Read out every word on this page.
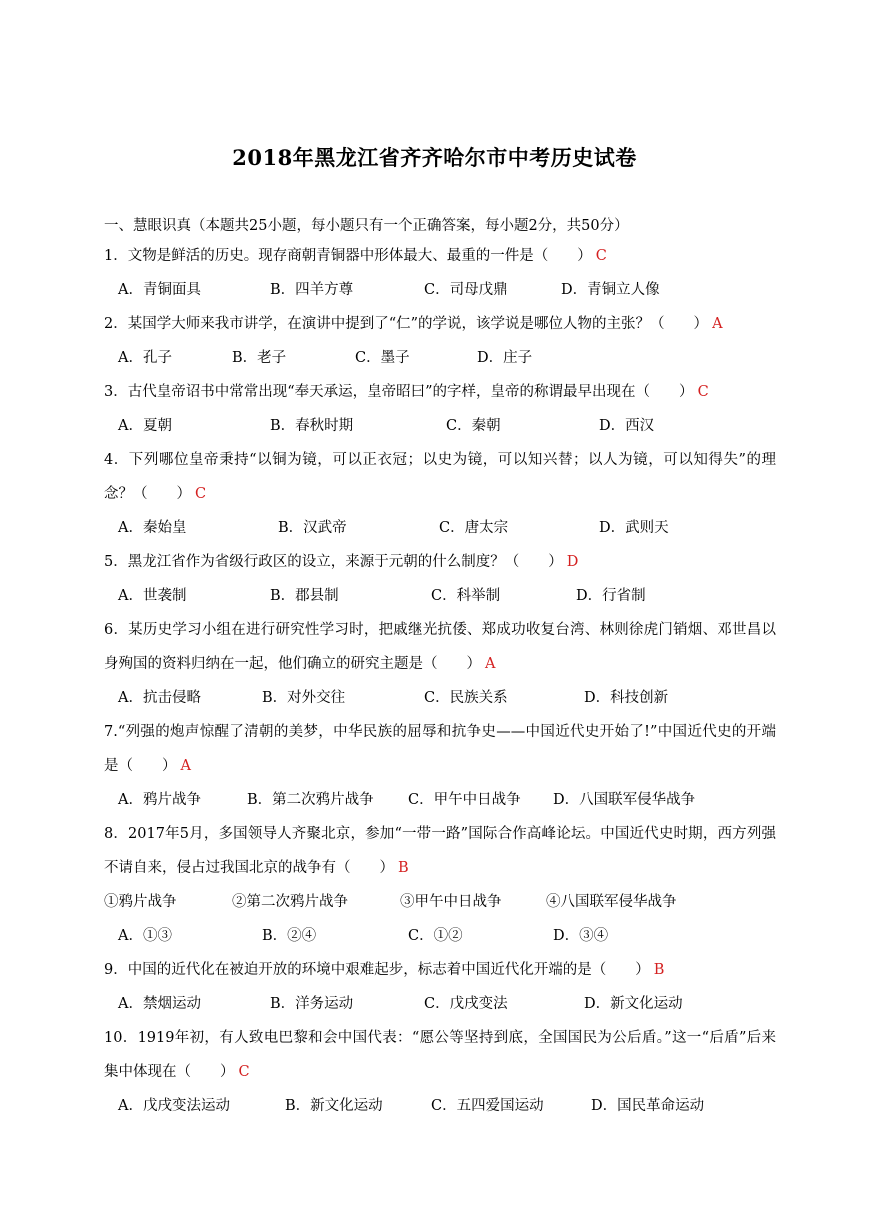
2018年黑龙江省齐齐哈尔市中考历史试卷
一、慧眼识真（本题共25小题，每小题只有一个正确答案，每小题2分，共50分）
1．文物是鲜活的历史。现存商朝青铜器中形体最大、最重的一件是（　　） C
A．青铜面具	B．四羊方尊	C．司母戊鼎	D．青铜立人像
2．某国学大师来我市讲学，在演讲中提到了“仁”的学说，该学说是哪位人物的主张？（　　） A
A．孔子	B．老子	C．墨子	D．庄子
3．古代皇帝诏书中常常出现“奉天承运，皇帝昭曰”的字样，皇帝的称谓最早出现在（　　） C
A．夏朝	B．春秋时期	C．秦朝	D．西汉
4．下列哪位皇帝秉持“以铜为镜，可以正衣冠；以史为镜，可以知兴替；以人为镜，可以知得失”的理念？（　　） C
A．秦始皇	B．汉武帝	C．唐太宗	D．武则天
5．黑龙江省作为省级行政区的设立，来源于元朝的什么制度？（　　） D
A．世袭制	B．郡县制	C．科举制	D．行省制
6．某历史学习小组在进行研究性学习时，把戚继光抗倭、郑成功收复台湾、林则徐虎门销烟、邓世昌以身殉国的资料归纳在一起，他们确立的研究主题是（　　） A
A．抗击侵略	B．对外交往	C．民族关系	D．科技创新
7.“列强的炮声惊醒了清朝的美梦，中华民族的屈辱和抗争史——中国近代史开始了!”中国近代史的开端是（　　） A
A．鸦片战争	B．第二次鸦片战争 C．甲午中日战争 D．八国联军侵华战争
8．2017年5月，多国领导人齐聚北京，参加“一带一路”国际合作高峰论坛。中国近代史时期，西方列强不请自来，侵占过我国北京的战争有（　　） B
①鸦片战争	②第二次鸦片战争	③甲午中日战争	④八国联军侵华战争
A．①③	B．②④	C．①②	D．③④
9．中国的近代化在被迫开放的环境中艰难起步，标志着中国近代化开端的是（　　） B
A．禁烟运动	B．洋务运动	C．戊戌变法	D．新文化运动
10．1919年初，有人致电巴黎和会中国代表：“愿公等坚持到底，全国国民为公后盾。”这一“后盾”后来集中体现在（　　） C
A．戊戌变法运动	B．新文化运动	C．五四爱国运动	D．国民革命运动
